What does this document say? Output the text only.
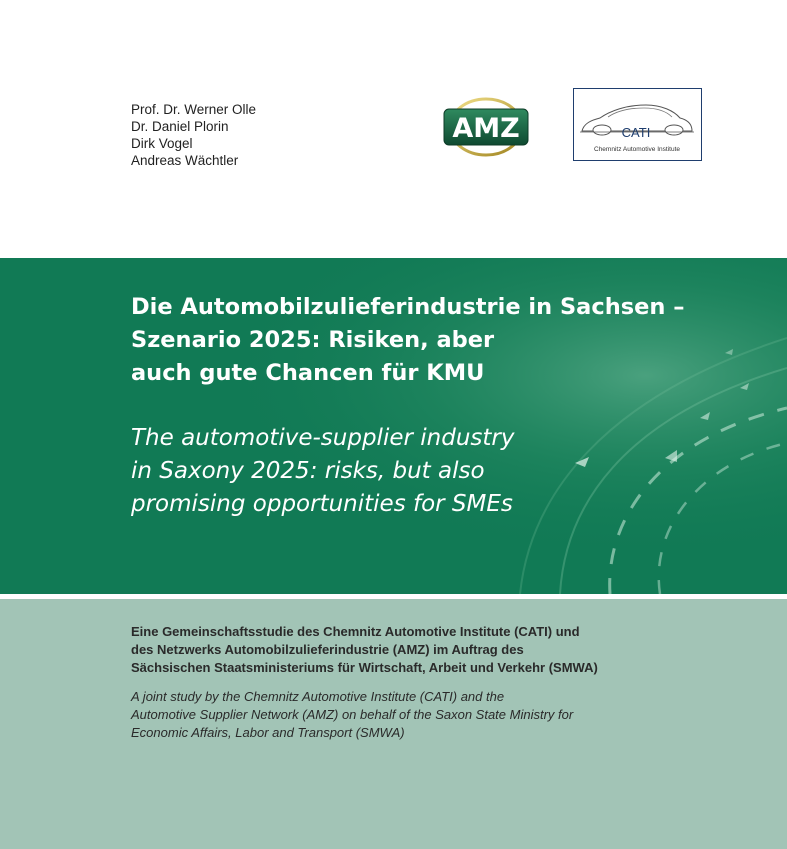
Prof. Dr. Werner Olle
Dr. Daniel Plorin
Dirk Vogel
Andreas Wächtler
AMZ	CATI
Chemnitz Automotive Institute
Die Automobilzulieferindustrie in Sachsen –
Szenario 2025: Risiken, aber
auch gute Chancen für KMU
The automotive-supplier industry
in Saxony 2025: risks, but also
promising opportunities for SMEs
Eine Gemeinschaftsstudie des Chemnitz Automotive Institute (CATI) und
des Netzwerks Automobilzulieferindustrie (AMZ) im Auftrag des
Sächsischen Staatsministeriums für Wirtschaft, Arbeit und Verkehr (SMWA)
A joint study by the Chemnitz Automotive Institute (CATI) and the
Automotive Supplier Network (AMZ) on behalf of the Saxon State Ministry for
Economic Affairs, Labor and Transport (SMWA)
